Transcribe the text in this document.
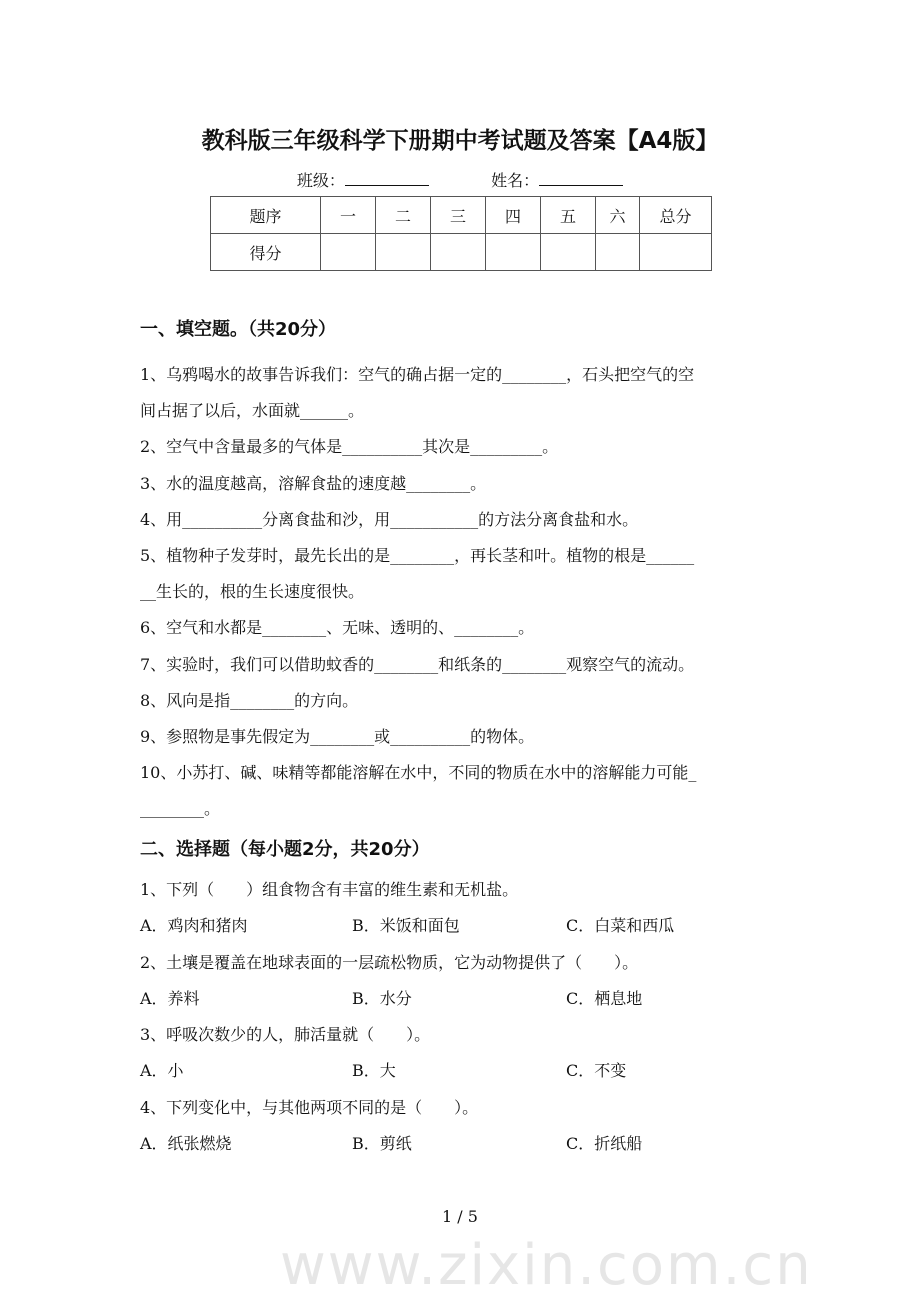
教科版三年级科学下册期中考试题及答案【A4版】
班级：	姓名：
题序	一	二	三	四	五	六	总分
得分							
一、填空题。（共20分）
1、乌鸦喝水的故事告诉我们：空气的确占据一定的________，石头把空气的空
间占据了以后，水面就______。
2、空气中含量最多的气体是__________其次是_________。
3、水的温度越高，溶解食盐的速度越________。
4、用__________分离食盐和沙，用___________的方法分离食盐和水。
5、植物种子发芽时，最先长出的是________，再长茎和叶。植物的根是______
__生长的，根的生长速度很快。
6、空气和水都是________、无味、透明的、________。
7、实验时，我们可以借助蚊香的________和纸条的________观察空气的流动。
8、风向是指________的方向。
9、参照物是事先假定为________或__________的物体。
10、小苏打、碱、味精等都能溶解在水中，不同的物质在水中的溶解能力可能_
________。
二、选择题（每小题2分，共20分）
1、下列（　　）组食物含有丰富的维生素和无机盐。
A．鸡肉和猪肉	B．米饭和面包	C．白菜和西瓜
2、土壤是覆盖在地球表面的一层疏松物质，它为动物提供了（　　）。
A．养料	B．水分	C．栖息地
3、呼吸次数少的人，肺活量就（　　）。
A．小	B．大	C．不变
4、下列变化中，与其他两项不同的是（　　）。
A．纸张燃烧	B．剪纸	C．折纸船
1 / 5
www.zixin.com.cn
